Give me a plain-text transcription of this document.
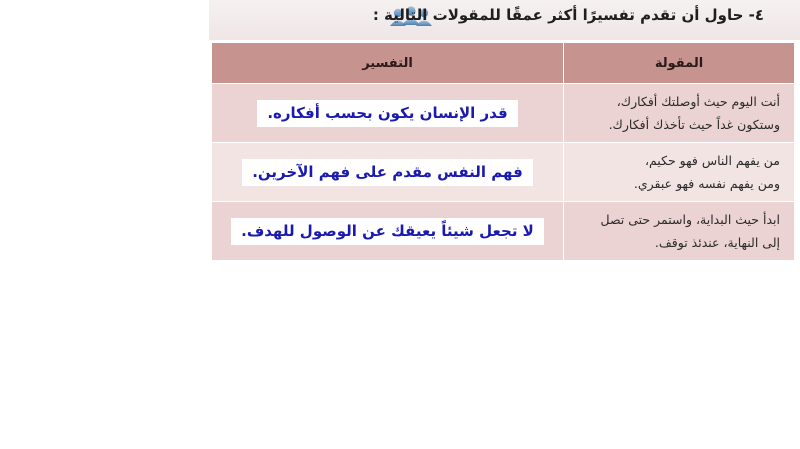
٤- حاول أن تقدم تفسيرًا أكثر عمقًا للمقولات التالية :
المقولة	التفسير

أنت اليوم حيث أوصلتك أفكارك،
وستكون غداً حيث تأخذك أفكارك.	قدر الإنسان يكون بحسب أفكاره.

من يفهم الناس فهو حكيم،
ومن يفهم نفسه فهو عبقري.	فهم النفس مقدم على فهم الآخرين.

ابدأ حيث البداية، واستمر حتى تصل
إلى النهاية، عندئذ توقف.	لا تجعل شيئاً يعيقك عن الوصول للهدف.
